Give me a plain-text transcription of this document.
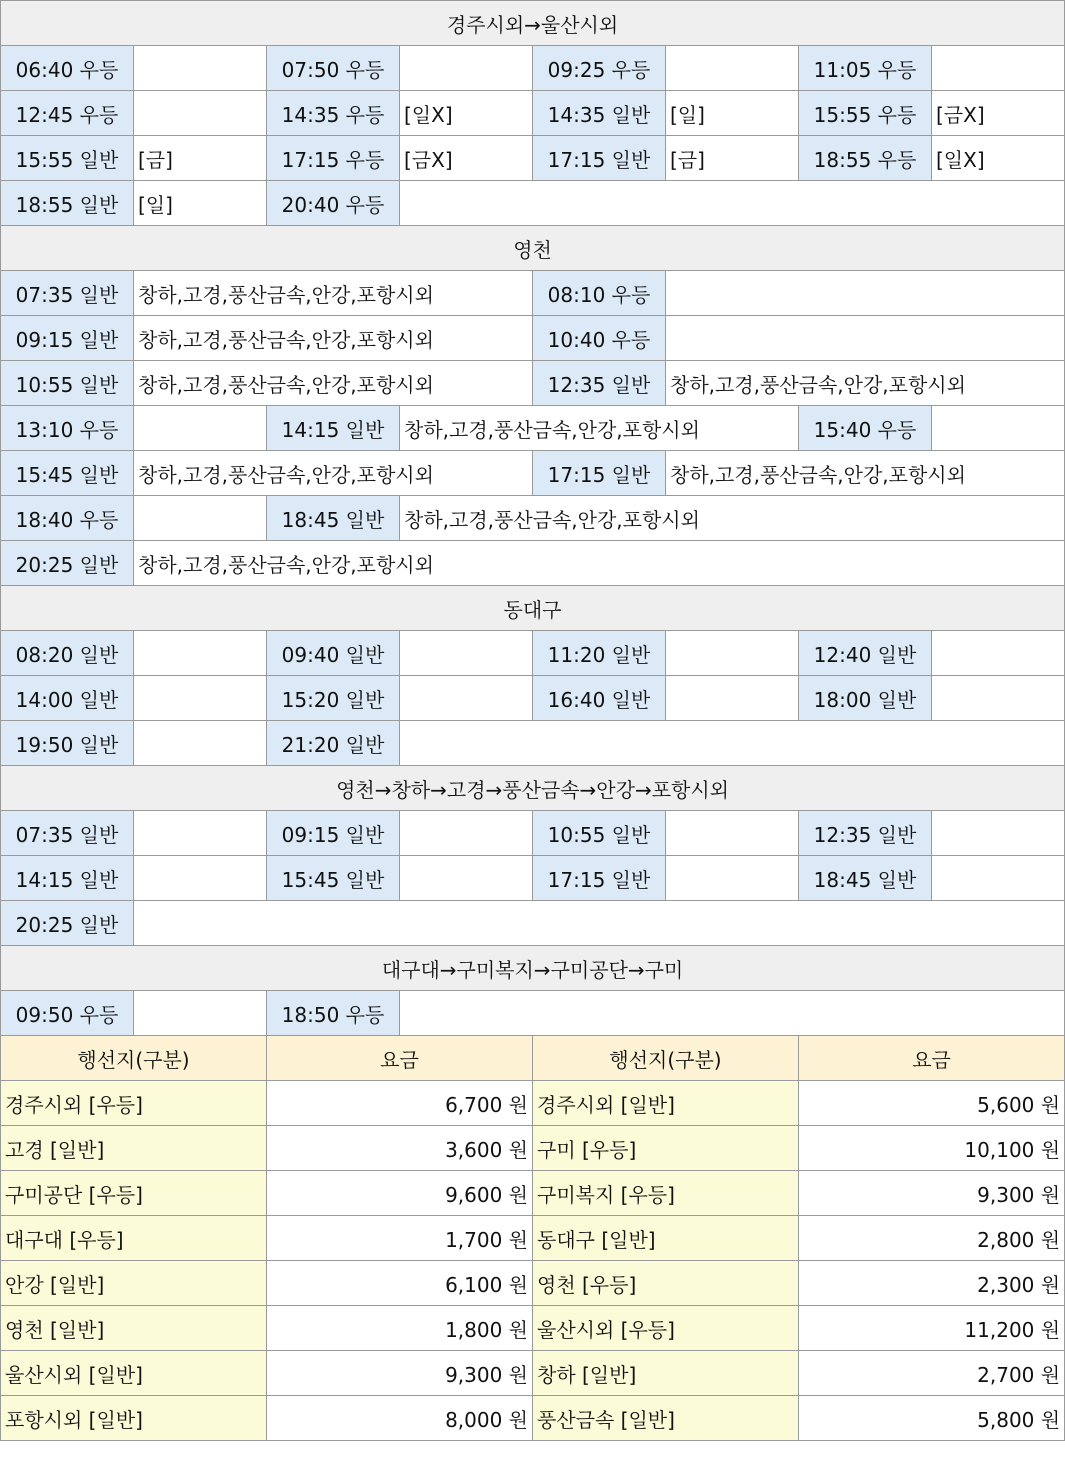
경주시외→울산시외							
06:40 우등		07:50 우등		09:25 우등		11:05 우등	
12:45 우등		14:35 우등	[일X]	14:35 일반	[일]	15:55 우등	[금X]
15:55 일반	[금]	17:15 우등	[금X]	17:15 일반	[금]	18:55 우등	[일X]
18:55 일반	[일]	20:40 우등					
영천							
07:35 일반	창하,고경,풍산금속,안강,포항시외			08:10 우등			
09:15 일반	창하,고경,풍산금속,안강,포항시외			10:40 우등			
10:55 일반	창하,고경,풍산금속,안강,포항시외			12:35 일반	창하,고경,풍산금속,안강,포항시외		
13:10 우등		14:15 일반	창하,고경,풍산금속,안강,포항시외			15:40 우등	
15:45 일반	창하,고경,풍산금속,안강,포항시외			17:15 일반	창하,고경,풍산금속,안강,포항시외		
18:40 우등		18:45 일반	창하,고경,풍산금속,안강,포항시외				
20:25 일반	창하,고경,풍산금속,안강,포항시외						
동대구							
08:20 일반		09:40 일반		11:20 일반		12:40 일반	
14:00 일반		15:20 일반		16:40 일반		18:00 일반	
19:50 일반		21:20 일반					
영천→창하→고경→풍산금속→안강→포항시외							
07:35 일반		09:15 일반		10:55 일반		12:35 일반	
14:15 일반		15:45 일반		17:15 일반		18:45 일반	
20:25 일반							
대구대→구미복지→구미공단→구미							
09:50 우등		18:50 우등					
행선지(구분)		요금		행선지(구분)		요금	
경주시외 [우등]		6,700 원		경주시외 [일반]		5,600 원	
고경 [일반]		3,600 원		구미 [우등]		10,100 원	
구미공단 [우등]		9,600 원		구미복지 [우등]		9,300 원	
대구대 [우등]		1,700 원		동대구 [일반]		2,800 원	
안강 [일반]		6,100 원		영천 [우등]		2,300 원	
영천 [일반]		1,800 원		울산시외 [우등]		11,200 원	
울산시외 [일반]		9,300 원		창하 [일반]		2,700 원	
포항시외 [일반]		8,000 원		풍산금속 [일반]		5,800 원	
